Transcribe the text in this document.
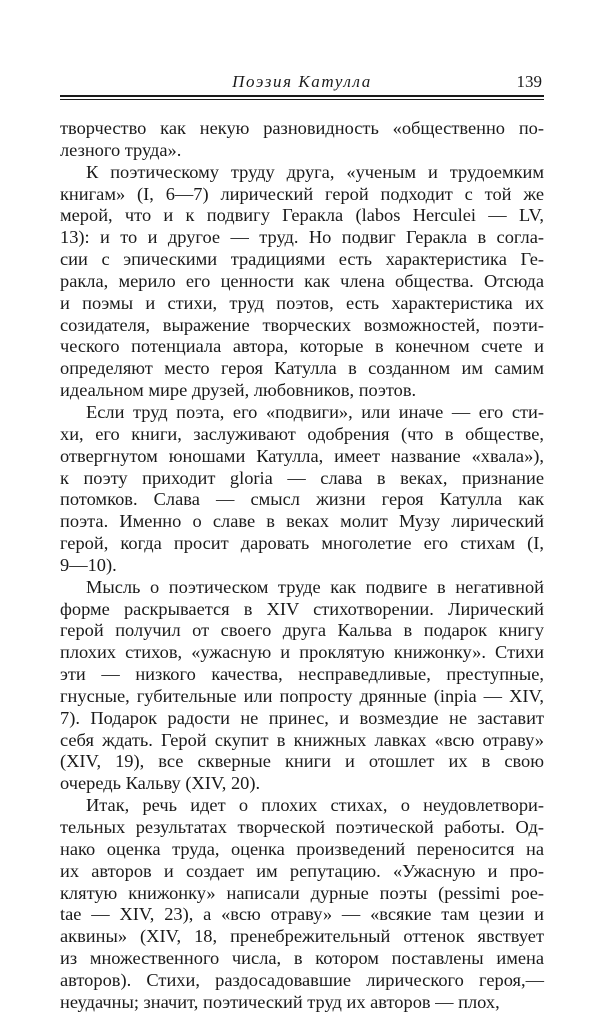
Поэзия Катулла	139
творчество как некую разновидность «общественно по-
лезного труда».
К поэтическому труду друга, «ученым и трудоемким
книгам» (I, 6—7) лирический герой подходит с той же
мерой, что и к подвигу Геракла (labos Herculei — LV,
13): и то и другое — труд. Но подвиг Геракла в согла-
сии с эпическими традициями есть характеристика Ге-
ракла, мерило его ценности как члена общества. Отсюда
и поэмы и стихи, труд поэтов, есть характеристика их
созидателя, выражение творческих возможностей, поэти-
ческого потенциала автора, которые в конечном счете и
определяют место героя Катулла в созданном им самим
идеальном мире друзей, любовников, поэтов.
Если труд поэта, его «подвиги», или иначе — его сти-
хи, его книги, заслуживают одобрения (что в обществе,
отвергнутом юношами Катулла, имеет название «хвала»),
к поэту приходит gloria — слава в веках, признание
потомков. Слава — смысл жизни героя Катулла как
поэта. Именно о славе в веках молит Музу лирический
герой, когда просит даровать многолетие его стихам (I,
9—10).
Мысль о поэтическом труде как подвиге в негативной
форме раскрывается в XIV стихотворении. Лирический
герой получил от своего друга Кальва в подарок книгу
плохих стихов, «ужасную и проклятую книжонку». Стихи
эти — низкого качества, несправедливые, преступные,
гнусные, губительные или попросту дрянные (inpia — XIV,
7). Подарок радости не принес, и возмездие не заставит
себя ждать. Герой скупит в книжных лавках «всю отраву»
(XIV, 19), все скверные книги и отошлет их в свою
очередь Кальву (XIV, 20).
Итак, речь идет о плохих стихах, о неудовлетвори-
тельных результатах творческой поэтической работы. Од-
нако оценка труда, оценка произведений переносится на
их авторов и создает им репутацию. «Ужасную и про-
клятую книжонку» написали дурные поэты (pessimi poe-
tae — XIV, 23), а «всю отраву» — «всякие там цезии и
аквины» (XIV, 18, пренебрежительный оттенок явствует
из множественного числа, в котором поставлены имена
авторов). Стихи, раздосадовавшие лирического героя,—
неудачны; значит, поэтический труд их авторов — плох,
